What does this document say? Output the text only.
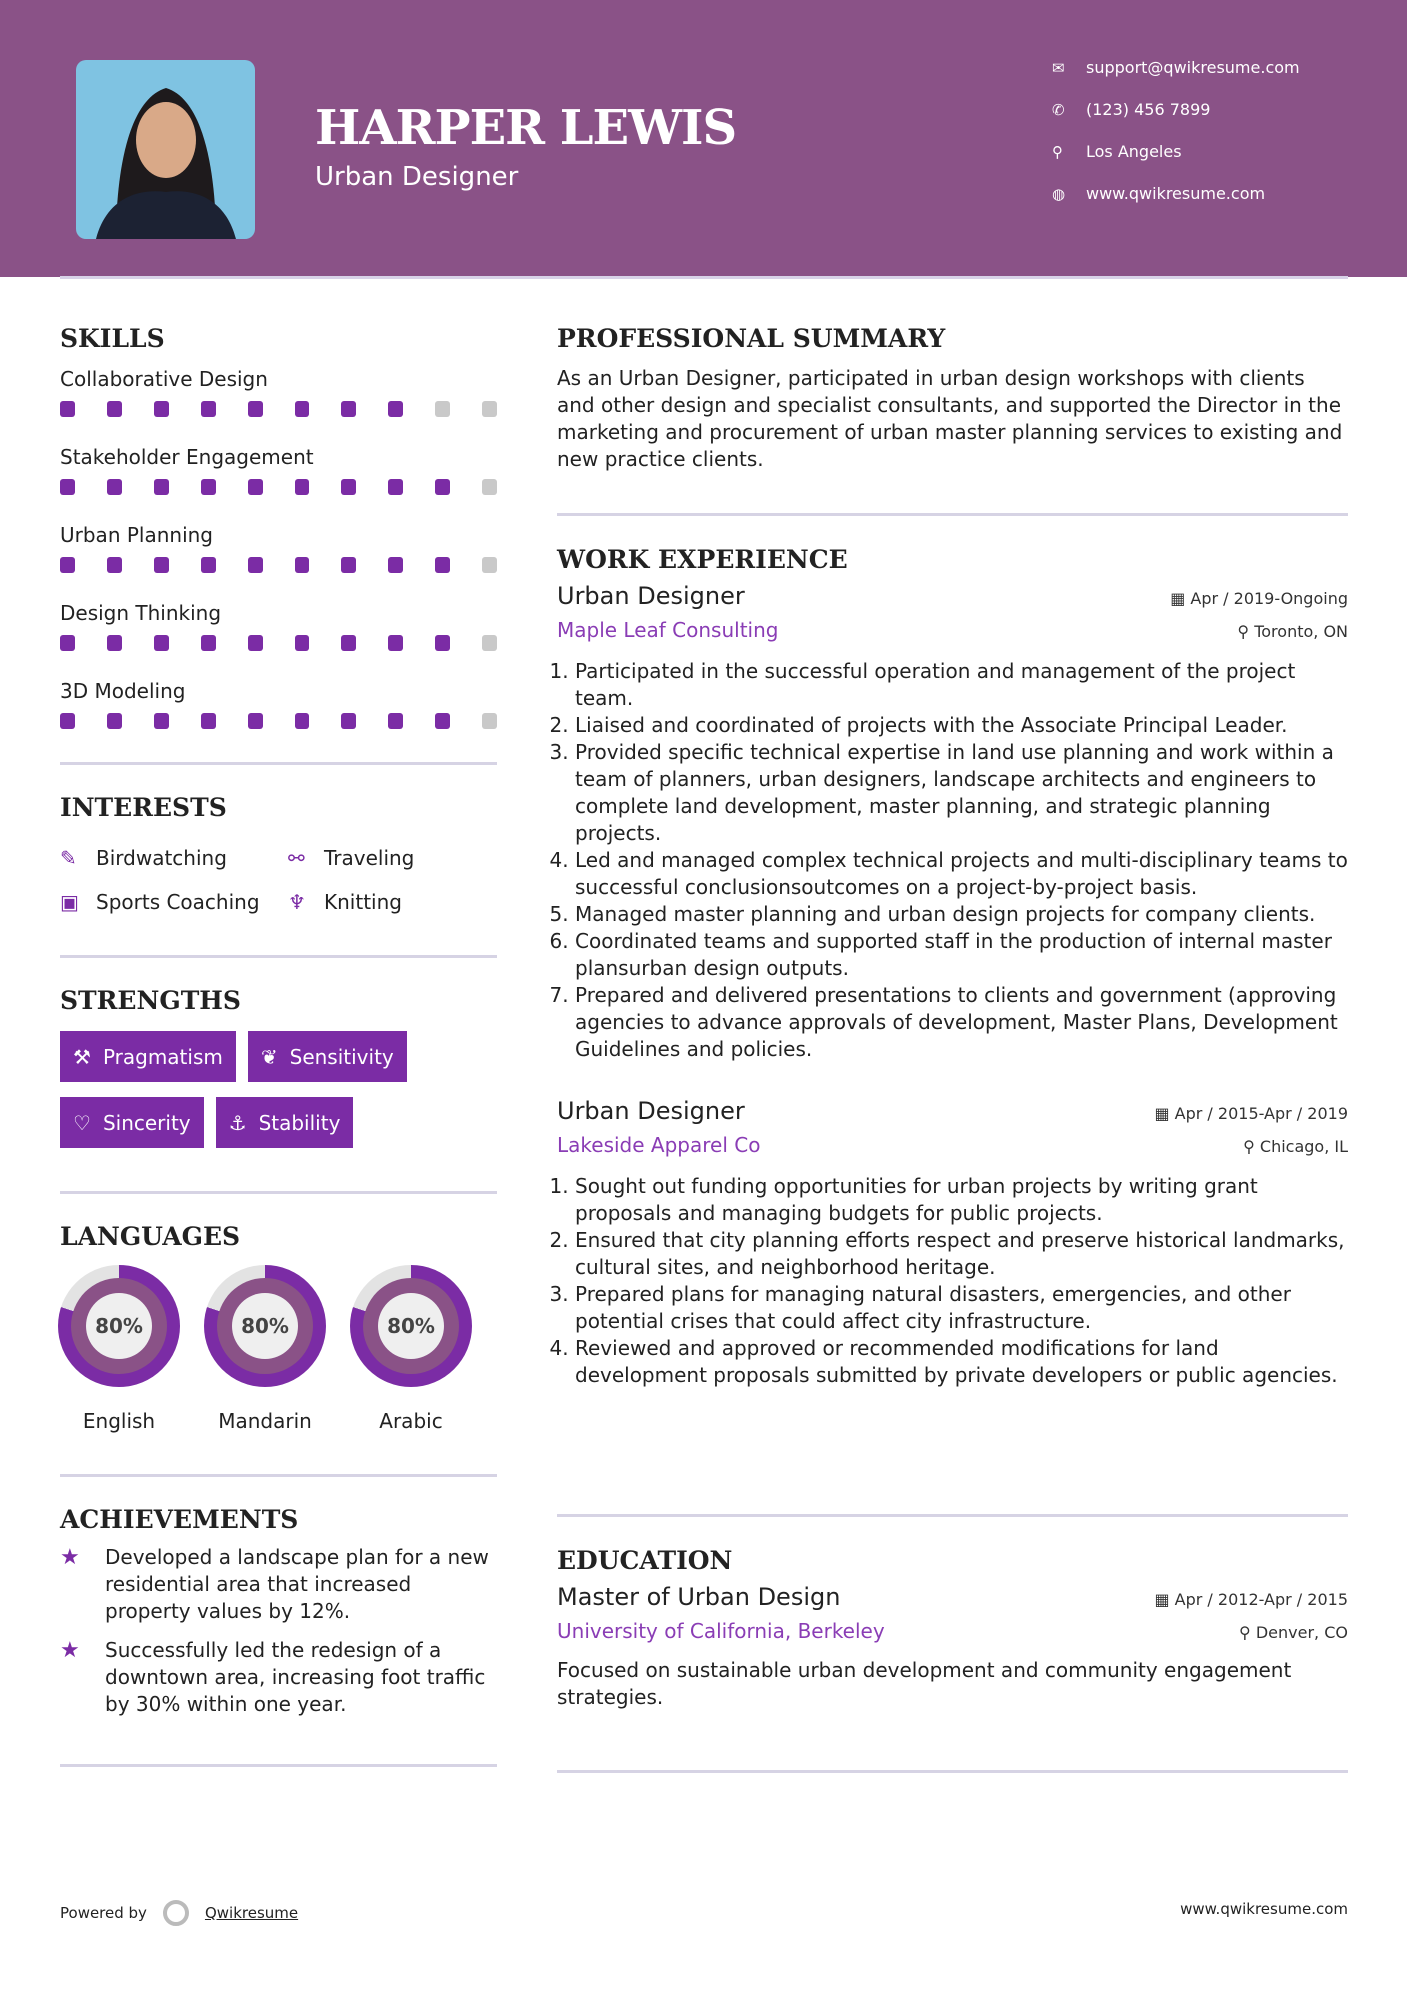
HARPER LEWIS
Urban Designer
✉	support@qwikresume.com
✆	(123) 456 7899
⚲	Los Angeles
◍	www.qwikresume.com
SKILLS
Collaborative Design
Stakeholder Engagement
Urban Planning
Design Thinking
3D Modeling
INTERESTS
✎ Birdwatching	⚯ Traveling
▣ Sports Coaching ♆ Knitting
STRENGTHS
⚒ Pragmatism ❦ Sensitivity
♡ Sincerity ⚓ Stability
LANGUAGES
80%
English
80%
Mandarin
80%
Arabic
ACHIEVEMENTS
★	Developed a landscape plan for a new residential area that increased property values by 12%.
★	Successfully led the redesign of a downtown area, increasing foot traffic by 30% within one year.
PROFESSIONAL SUMMARY
As an Urban Designer, participated in urban design workshops with clients and other design and specialist consultants, and supported the Director in the marketing and procurement of urban master planning services to existing and new practice clients.
WORK EXPERIENCE
Urban Designer	▦ Apr / 2019-Ongoing
Maple Leaf Consulting	⚲ Toronto, ON
1. Participated in the successful operation and management of the project team.
2. Liaised and coordinated of projects with the Associate Principal Leader.
3. Provided specific technical expertise in land use planning and work within a team of planners, urban designers, landscape architects and engineers to complete land development, master planning, and strategic planning projects.
4. Led and managed complex technical projects and multi-disciplinary teams to successful conclusionsoutcomes on a project-by-project basis.
5. Managed master planning and urban design projects for company clients.
6. Coordinated teams and supported staff in the production of internal master plansurban design outputs.
7. Prepared and delivered presentations to clients and government (approving agencies to advance approvals of development, Master Plans, Development Guidelines and policies.
Urban Designer	▦ Apr / 2015-Apr / 2019
Lakeside Apparel Co	⚲ Chicago, IL
1. Sought out funding opportunities for urban projects by writing grant proposals and managing budgets for public projects.
2. Ensured that city planning efforts respect and preserve historical landmarks, cultural sites, and neighborhood heritage.
3. Prepared plans for managing natural disasters, emergencies, and other potential crises that could affect city infrastructure.
4. Reviewed and approved or recommended modifications for land development proposals submitted by private developers or public agencies.
EDUCATION
Master of Urban Design	▦ Apr / 2012-Apr / 2015
University of California, Berkeley	⚲ Denver, CO
Focused on sustainable urban development and community engagement strategies.
Powered by	Qwikresume	www.qwikresume.com
